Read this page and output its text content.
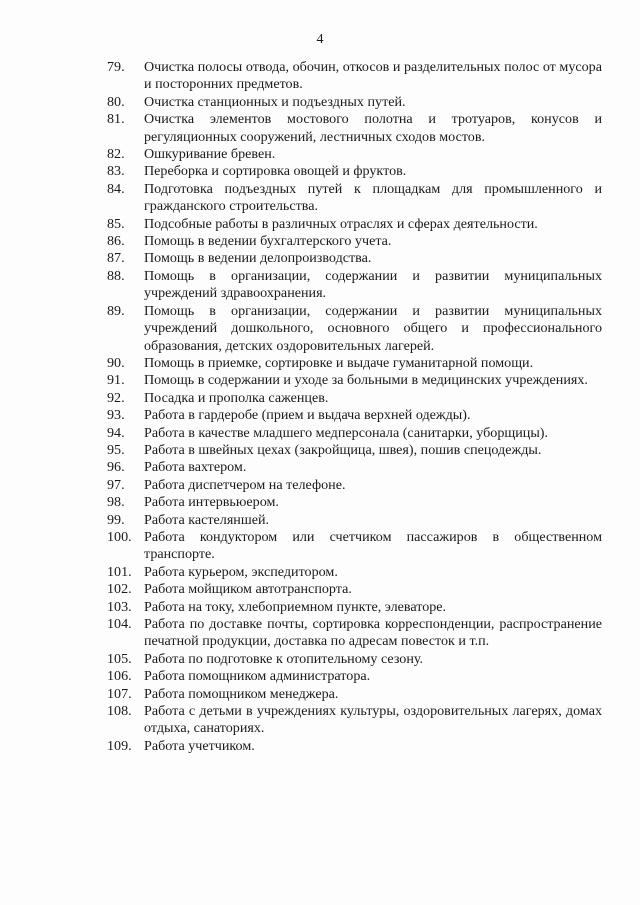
4
79.	Очистка полосы отвода, обочин, откосов и разделительных полос от мусора и посторонних предметов.
80.	Очистка станционных и подъездных путей.
81.	Очистка элементов мостового полотна и тротуаров, конусов и регуляционных сооружений, лестничных сходов мостов.
82.	Ошкуривание бревен.
83.	Переборка и сортировка овощей и фруктов.
84.	Подготовка подъездных путей к площадкам для промышленного и гражданского строительства.
85.	Подсобные работы в различных отраслях и сферах деятельности.
86.	Помощь в ведении бухгалтерского учета.
87.	Помощь в ведении делопроизводства.
88.	Помощь в организации, содержании и развитии муниципальных учреждений здравоохранения.
89.	Помощь в организации, содержании и развитии муниципальных учреждений дошкольного, основного общего и профессионального образования, детских оздоровительных лагерей.
90.	Помощь в приемке, сортировке и выдаче гуманитарной помощи.
91.	Помощь в содержании и уходе за больными в медицинских учреждениях.
92.	Посадка и прополка саженцев.
93.	Работа в гардеробе (прием и выдача верхней одежды).
94.	Работа в качестве младшего медперсонала (санитарки, уборщицы).
95.	Работа в швейных цехах (закройщица, швея), пошив спецодежды.
96.	Работа вахтером.
97.	Работа диспетчером на телефоне.
98.	Работа интервьюером.
99.	Работа кастеляншей.
100. Работа кондуктором или счетчиком пассажиров в общественном транспорте.
101. Работа курьером, экспедитором.
102. Работа мойщиком автотранспорта.
103. Работа на току, хлебоприемном пункте, элеваторе.
104. Работа по доставке почты, сортировка корреспонденции, распространение печатной продукции, доставка по адресам повесток и т.п.
105. Работа по подготовке к отопительному сезону.
106. Работа помощником администратора.
107. Работа помощником менеджера.
108. Работа с детьми в учреждениях культуры, оздоровительных лагерях, домах отдыха, санаториях.
109. Работа учетчиком.
